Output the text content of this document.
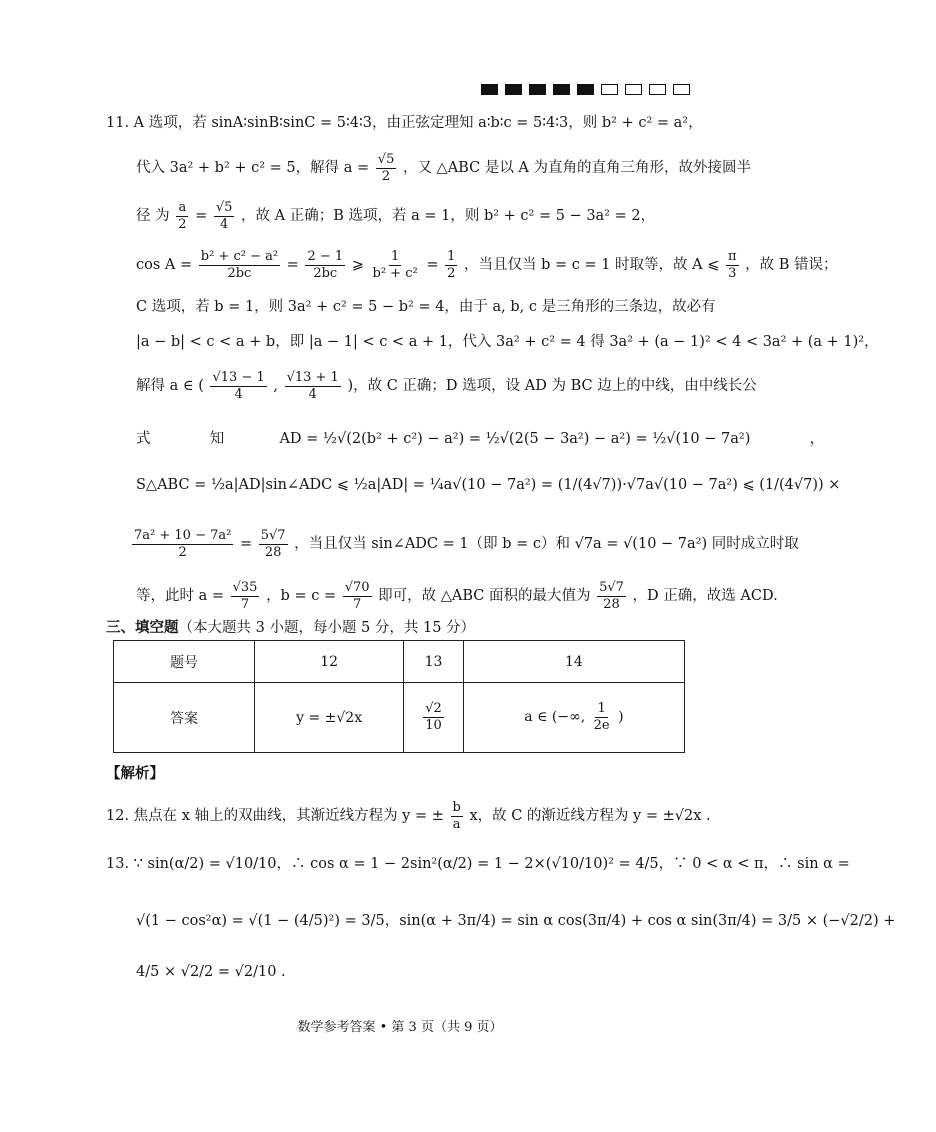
11. A 选项，若 sinA∶sinB∶sinC = 5∶4∶3，由正弦定理知 a∶b∶c = 5∶4∶3，则 b² + c² = a²，
代入 3a² + b² + c² = 5，解得 $a = \frac{√5}{2}$ ，又 △ABC 是以 A 为直角的直角三角形，故外接圆半
径 为 $\frac{a}{2} = \frac{√5}{4}$ ，故 A 正确；B 选项，若 a = 1，则 b² + c² = 5 − 3a² = 2，
$\cos A = \frac{\text{b² + c² − a²}}{2bc} = \frac{2 - 1}{2bc}$ ⩾ $\frac{1}{\text{b² + c²}} = \frac{1}{2}$ ，当且仅当 b = c = 1 时取等，故 A ⩽ $\frac{\pi}{3}$ ，故 B 错误；
C 选项，若 b = 1，则 3a² + c² = 5 − b² = 4，由于 a, b, c 是三角形的三条边，故必有
|a − b| < c < a + b，即 |a − 1| < c < a + 1，代入 3a² + c² = 4 得 3a² + (a − 1)² < 4 < 3a² + (a + 1)²，
解得 a ∈ ( $\frac{√13 - 1}{4}$ , $\frac{√13 + 1}{4}$ )，故 C 正确；D 选项，设 AD 为 BC 边上的中线，由中线长公
式	知	AD = ½√(2(b² + c²) − a²) = ½√(2(5 − 3a²) − a²) = ½√(10 − 7a²)	，
S△ABC = ½a|AD|sin∠ADC ⩽ ½a|AD| = ¼a√(10 − 7a²) = (1/(4√7))·√7a√(10 − 7a²) ⩽ (1/(4√7)) ×
$\frac{\text{7a² + 10 − 7a²}}{2} = \frac{5√7}{28}$ ，当且仅当 sin∠ADC = 1（即 b = c）和 √7a = √(10 − 7a²) 同时成立时取
等，此时 $a = \frac{√35}{7}$ ，$b = c = \frac{√70}{7}$ 即可，故 △ABC 面积的最大值为 $\frac{5√7}{28}$ ，D 正确，故选 ACD.
三、填空题（本大题共 3 小题，每小题 5 分，共 15 分）
题号	12	13	14
答案	y = ±√2x	$\frac{√2}{10}$	a ∈ (−∞, $\frac{1}{2e}$ )
【解析】
12. 焦点在 x 轴上的双曲线，其渐近线方程为 y = ± $\frac{b}{a}$ x，故 C 的渐近线方程为 y = ±√2x .
13. ∵ sin(α/2) = √10/10，∴ cos α = 1 − 2sin²(α/2) = 1 − 2×(√10/10)² = 4/5，∵ 0 < α < π，∴ sin α =
√(1 − cos²α) = √(1 − (4/5)²) = 3/5，sin(α + 3π/4) = sin α cos(3π/4) + cos α sin(3π/4) = 3/5 × (−√2/2) +
4/5 × √2/2 = √2/10 .
数学参考答案 • 第 3 页（共 9 页）
